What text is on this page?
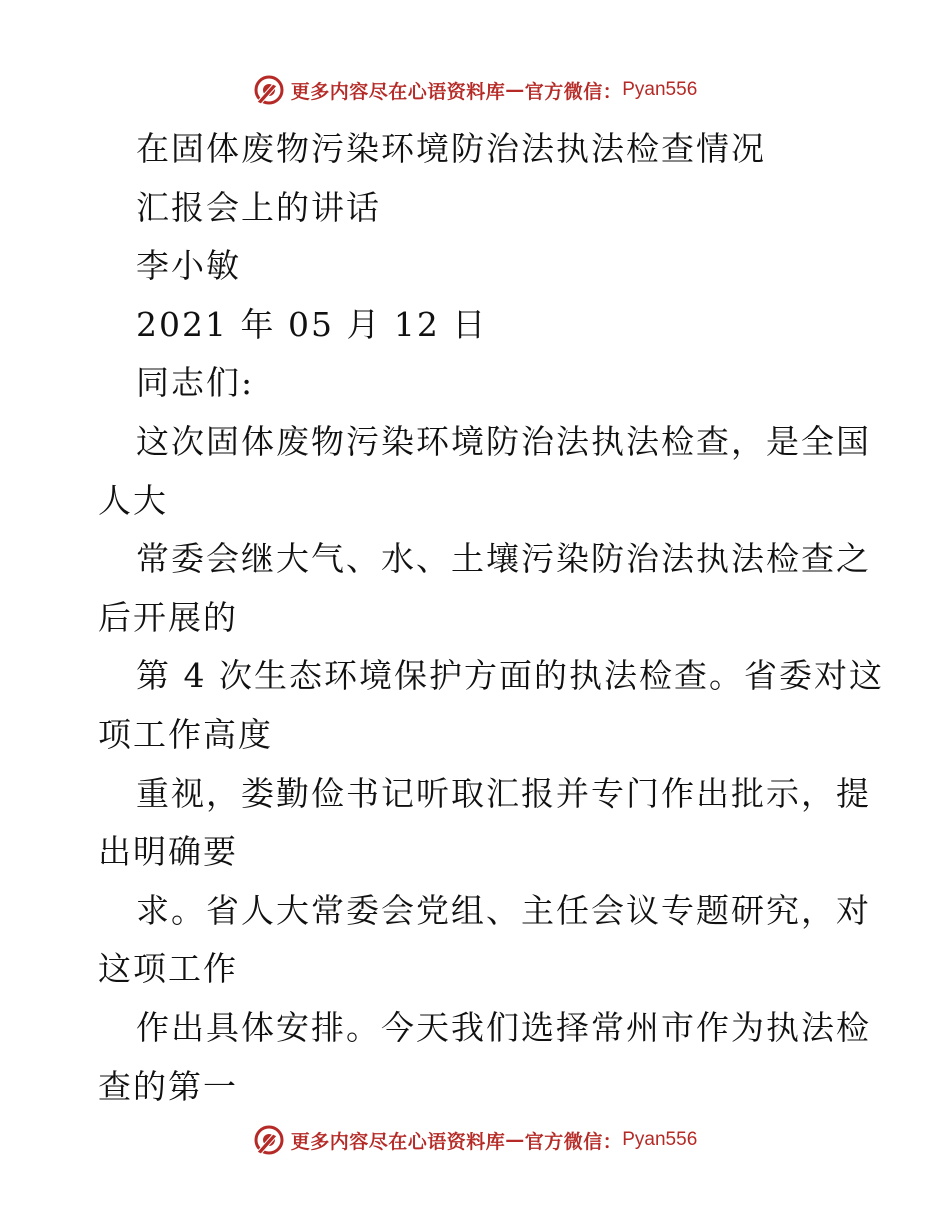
更多内容尽在心语资料库 — 官方微信： Pyan556
在固体废物污染环境防治法执法检查情况
汇报会上的讲话
李小敏
2021 年 05 月 12 日
同志们:
这次固体废物污染环境防治法执法检查，是全国
人大
常委会继大气、水、土壤污染防治法执法检查之
后开展的
第 4 次生态环境保护方面的执法检查。省委对这
项工作高度
重视，娄勤俭书记听取汇报并专门作出批示，提
出明确要
求。省人大常委会党组、主任会议专题研究，对
这项工作
作出具体安排。今天我们选择常州市作为执法检
查的第一
更多内容尽在心语资料库 — 官方微信： Pyan556
